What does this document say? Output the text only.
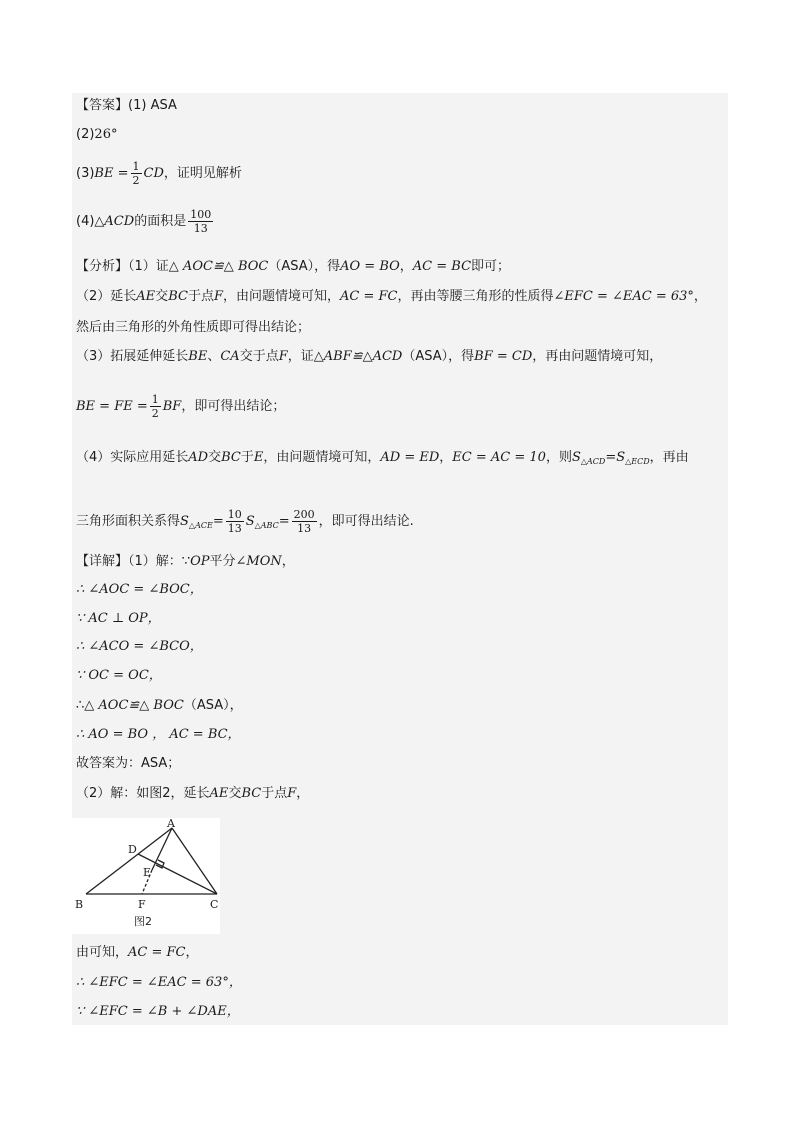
【答案】(1) ASA
(2)26°
$(3)BE = \frac{1}{2}$ CD，证明见解析
(4)△ACD的面积是 $\frac{100}{13}$
【分析】（1）证△ AOC≌△ BOC（ASA），得AO = BO，AC = BC即可；
（2）延长AE交BC于点F，由问题情境可知，AC = FC，再由等腰三角形的性质得∠EFC = ∠EAC = 63°，
然后由三角形的外角性质即可得出结论；
（3）拓展延伸延长BE、CA交于点F，证△ABF≌△ACD（ASA），得BF = CD，再由问题情境可知，
BE = FE = $\frac{1}{2}$ BF，即可得出结论；
（4）实际应用延长AD交BC于E，由问题情境可知，AD = ED，EC = AC = 10，则$S_{\triangle ACD}=S_{\triangle ECD}$，再由
三角形面积关系得$S_{\triangle ACE}= \frac{10}{13} S_{\triangle ABC}= \frac{200}{13}$ ，即可得出结论.
【详解】（1）解：∵OP平分∠MON，
∴ ∠AOC = ∠BOC，
∵ AC ⊥ OP，
∴ ∠ACO = ∠BCO，
∵ OC = OC，
∴△ AOC≌△ BOC（ASA），
∴ AO = BO ， AC = BC，
故答案为：ASA；
（2）解：如图2，延长AE交BC于点F，
A
B	C
D
E
F
图2
由可知，AC = FC，
∴ ∠EFC = ∠EAC = 63°，
∵ ∠EFC = ∠B + ∠DAE，
